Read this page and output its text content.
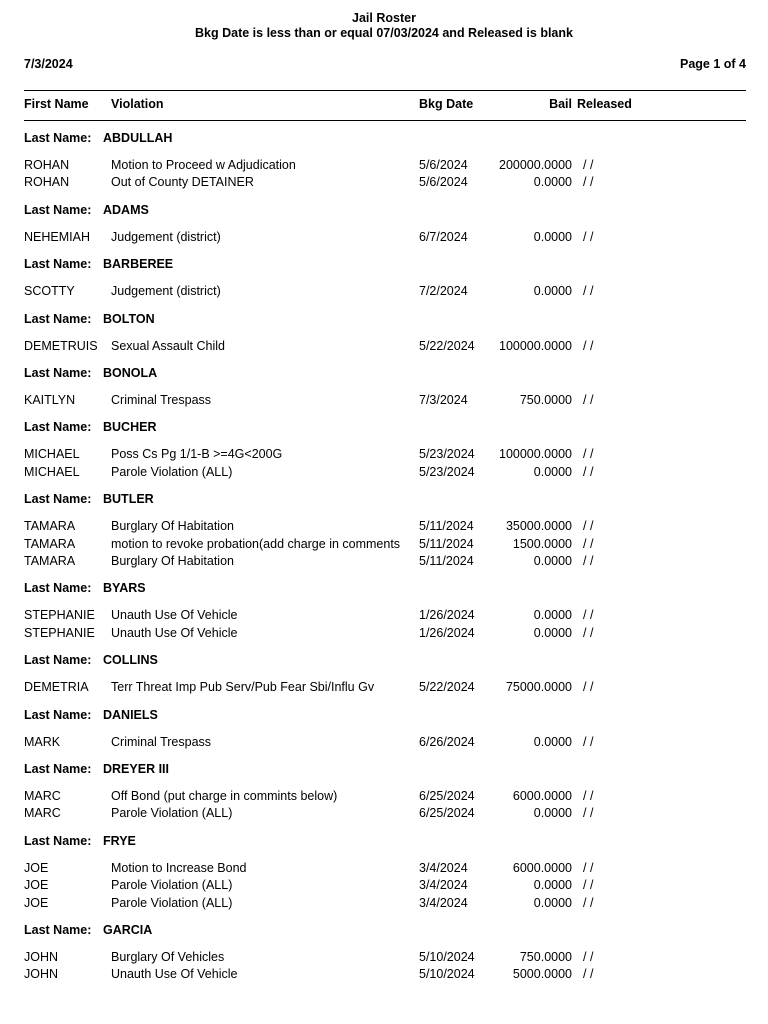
Jail Roster
Bkg Date is less than or equal 07/03/2024 and Released is blank
7/3/2024	Page 1 of 4
First Name Violation	Bkg Date	Bail Released
Last Name: ABDULLAH
ROHAN	Motion to Proceed w Adjudication	5/6/2024	200000.0000 / /
ROHAN	Out of County DETAINER	5/6/2024	0.0000 / /
Last Name: ADAMS
NEHEMIAH Judgement (district)	6/7/2024	0.0000 / /
Last Name: BARBEREE
SCOTTY	Judgement (district)	7/2/2024	0.0000 / /
Last Name: BOLTON
DEMETRUIS Sexual Assault Child	5/22/2024	100000.0000 / /
Last Name: BONOLA
KAITLYN	Criminal Trespass	7/3/2024	750.0000 / /
Last Name: BUCHER
MICHAEL	Poss Cs Pg 1/1-B >=4G<200G	5/23/2024	100000.0000 / /
MICHAEL	Parole Violation (ALL)	5/23/2024	0.0000 / /
Last Name: BUTLER
TAMARA	Burglary Of Habitation	5/11/2024	35000.0000 / /
TAMARA	motion to revoke probation(add charge in comments 5/11/2024	1500.0000 / /
TAMARA	Burglary Of Habitation	5/11/2024	0.0000 / /
Last Name: BYARS
STEPHANIE Unauth Use Of Vehicle	1/26/2024	0.0000 / /
STEPHANIE Unauth Use Of Vehicle	1/26/2024	0.0000 / /
Last Name: COLLINS
DEMETRIA Terr Threat Imp Pub Serv/Pub Fear Sbi/Influ Gv	5/22/2024	75000.0000 / /
Last Name: DANIELS
MARK	Criminal Trespass	6/26/2024	0.0000 / /
Last Name: DREYER III
MARC	Off Bond (put charge in commints below)	6/25/2024	6000.0000 / /
MARC	Parole Violation (ALL)	6/25/2024	0.0000 / /
Last Name: FRYE
JOE	Motion to Increase Bond	3/4/2024	6000.0000 / /
JOE	Parole Violation (ALL)	3/4/2024	0.0000 / /
JOE	Parole Violation (ALL)	3/4/2024	0.0000 / /
Last Name: GARCIA
JOHN	Burglary Of Vehicles	5/10/2024	750.0000 / /
JOHN	Unauth Use Of Vehicle	5/10/2024	5000.0000 / /
